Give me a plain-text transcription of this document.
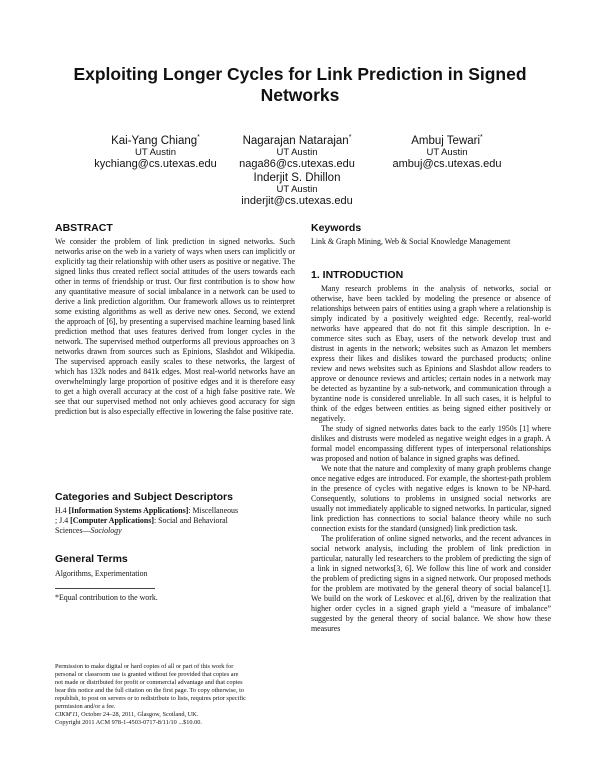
Exploiting Longer Cycles for Link Prediction in Signed Networks
Kai-Yang Chiang*
UT Austin
kychiang@cs.utexas.edu
Nagarajan Natarajan*
UT Austin
naga86@cs.utexas.edu
Ambuj Tewari*
UT Austin
ambuj@cs.utexas.edu
Inderjit S. Dhillon
UT Austin
inderjit@cs.utexas.edu
ABSTRACT

We consider the problem of link prediction in signed networks. Such networks arise on the web in a variety of ways when users can implicitly or explicitly tag their relationship with other users as positive or negative. The signed links thus created reflect social attitudes of the users towards each other in terms of friendship or trust. Our first contribution is to show how any quantitative measure of social imbalance in a network can be used to derive a link prediction algorithm. Our framework allows us to reinterpret some existing algorithms as well as derive new ones. Second, we extend the approach of [6], by presenting a supervised machine learning based link prediction method that uses features derived from longer cycles in the network. The supervised method outperforms all previous approaches on 3 networks drawn from sources such as Epinions, Slashdot and Wikipedia. The supervised approach easily scales to these networks, the largest of which has 132k nodes and 841k edges. Most real-world networks have an overwhelmingly large proportion of positive edges and it is therefore easy to get a high overall accuracy at the cost of a high false positive rate. We see that our supervised method not only achieves good accuracy for sign prediction but is also especially effective in lowering the false positive rate.

Categories and Subject Descriptors
H.4 [Information Systems Applications]: Miscellaneous
; J.4 [Computer Applications]: Social and Behavioral
Sciences—Sociology
General Terms
Algorithms, Experimentation
*Equal contribution to the work.
Permission to make digital or hard copies of all or part of this work for
personal or classroom use is granted without fee provided that copies are
not made or distributed for profit or commercial advantage and that copies
bear this notice and the full citation on the first page. To copy otherwise, to
republish, to post on servers or to redistribute to lists, requires prior specific
permission and/or a fee.
CIKM'11, October 24–28, 2011, Glasgow, Scotland, UK.
Copyright 2011 ACM 978-1-4503-0717-8/11/10 ...$10.00.
Keywords
Link & Graph Mining, Web & Social Knowledge Management
1. INTRODUCTION

Many research problems in the analysis of networks, social or otherwise, have been tackled by modeling the presence or absence of relationships between pairs of entities using a graph where a relationship is simply indicated by a positively weighted edge. Recently, real-world networks have appeared that do not fit this simple description. In e-commerce sites such as Ebay, users of the network develop trust and distrust in agents in the network; websites such as Amazon let members express their likes and dislikes toward the purchased products; online review and news websites such as Epinions and Slashdot allow readers to approve or denounce reviews and articles; certain nodes in a network may be detected as byzantine by a sub-network, and communication through a byzantine node is considered unreliable. In all such cases, it is helpful to think of the edges between entities as being signed either positively or negatively.

The study of signed networks dates back to the early 1950s [1] where dislikes and distrusts were modeled as negative weight edges in a graph. A formal model encompassing different types of interpersonal relationships was proposed and notion of balance in signed graphs was defined.

We note that the nature and complexity of many graph problems change once negative edges are introduced. For example, the shortest-path problem in the presence of cycles with negative edges is known to be NP-hard. Consequently, solutions to problems in unsigned social networks are usually not immediately applicable to signed networks. In particular, signed link prediction has connections to social balance theory while no such connection exists for the standard (unsigned) link prediction task.

The proliferation of online signed networks, and the recent advances in social network analysis, including the problem of link prediction in particular, naturally led researchers to the problem of predicting the sign of a link in signed networks[3, 6]. We follow this line of work and consider the problem of predicting signs in a signed network. Our proposed methods for the problem are motivated by the general theory of social balance[1]. We build on the work of Leskovec et al.[6], driven by the realization that higher order cycles in a signed graph yield a “measure of imbalance” suggested by the general theory of social balance. We show how these measures
